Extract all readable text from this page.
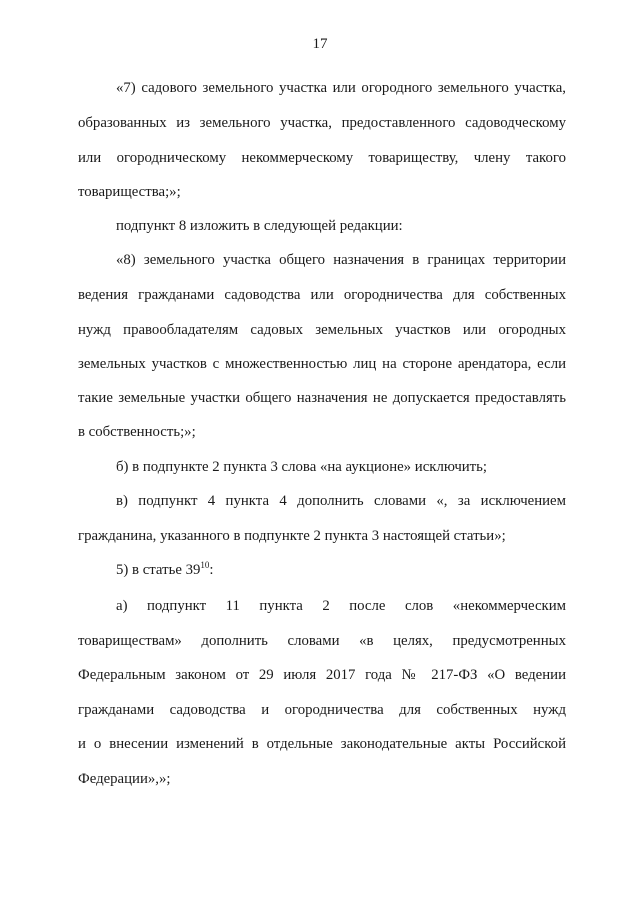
17
«7) садового земельного участка или огородного земельного участка,
образованных из земельного участка, предоставленного садоводческому
или огородническому некоммерческому товариществу, члену такого
товарищества;»;
подпункт 8 изложить в следующей редакции:
«8) земельного участка общего назначения в границах территории
ведения гражданами садоводства или огородничества для собственных
нужд правообладателям садовых земельных участков или огородных
земельных участков с множественностью лиц на стороне арендатора, если
такие земельные участки общего назначения не допускается предоставлять
в собственность;»;
б) в подпункте 2 пункта 3 слова «на аукционе» исключить;
в) подпункт 4 пункта 4 дополнить словами «, за исключением
гражданина, указанного в подпункте 2 пункта 3 настоящей статьи»;
5) в статье $39^{10}$:
а) подпункт 11 пункта 2 после слов «некоммерческим
товариществам» дополнить словами «в целях, предусмотренных
Федеральным законом от 29 июля 2017 года № 217-ФЗ «О ведении
гражданами садоводства и огородничества для собственных нужд
и о внесении изменений в отдельные законодательные акты Российской
Федерации»,»;
